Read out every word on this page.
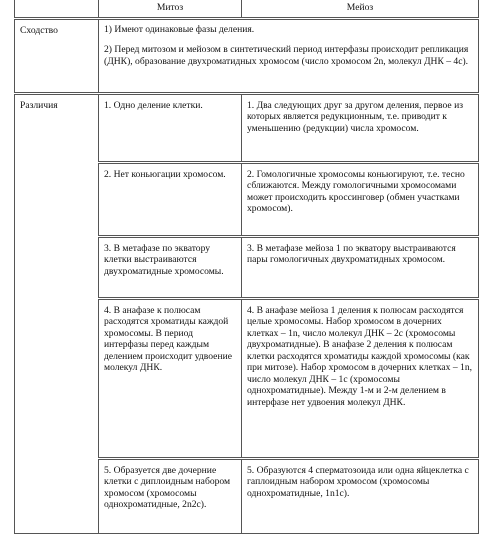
	Митоз	Мейоз
Сходство	1) Имеют одинаковые фазы деления.

2) Перед митозом и мейозом в синтетический период интерфазы происходит репликация (ДНК), образование двухроматидных хромосом (число хромосом 2n, молекул ДНК – 4с).	

Различия	1. Одно деление клетки.	1. Два следующих друг за другом деления, первое из которых является редукционным, т.е. приводит к уменьшению (редукции) числа хромосом.
	2. Нет коньюгации хромосом.	2. Гомологичные хромосомы коньюгируют, т.е. тесно сближаются. Между гомологичными хромосомами может происходить кроссинговер (обмен участками хромосом).
	3. В метафазе по экватору клетки выстраиваются двухроматидные хромосомы.	3. В метафазе мейоза 1 по экватору выстраиваются пары гомологичных двухроматидных хромосом.
	4. В анафазе к полюсам расходятся хроматиды каждой хромосомы. В период интерфазы перед каждым делением происходит удвоение молекул ДНК.	4. В анафазе мейоза 1 деления к полюсам расходятся целые хромосомы. Набор хромосом в дочерних клетках – 1n, число молекул ДНК – 2с (хромосомы двухроматидные). В анафазе 2 деления к полюсам клетки расходятся хроматиды каждой хромосомы (как при митозе). Набор хромосом в дочерних клетках – 1n, число молекул ДНК – 1с (хромосомы однохроматидные). Между 1-м и 2-м делением в интерфазе нет удвоения молекул ДНК.
	5. Образуется две дочерние клетки с диплоидным набором хромосом (хромосомы однохроматидные, 2n2с).	5. Образуются 4 сперматозоида или одна яйцеклетка с гаплоидным набором хромосом (хромосомы однохроматидные, 1n1с).
